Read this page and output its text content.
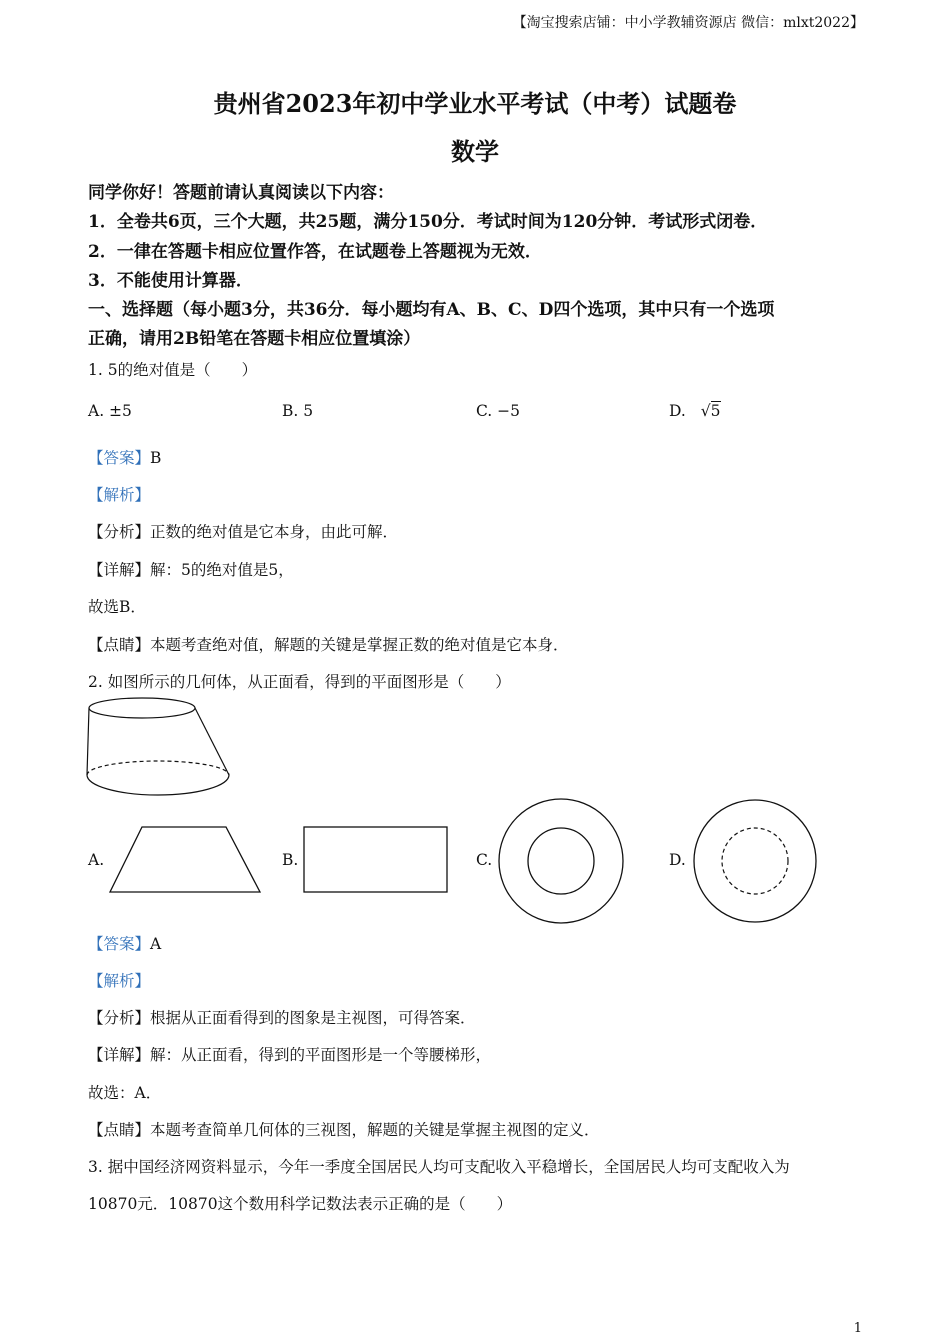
【淘宝搜索店铺：中小学教辅资源店 微信：mlxt2022】
贵州省2023年初中学业水平考试（中考）试题卷
数学
同学你好！答题前请认真阅读以下内容：
1．全卷共6页，三个大题，共25题，满分150分．考试时间为120分钟．考试形式闭卷．
2．一律在答题卡相应位置作答，在试题卷上答题视为无效．
3．不能使用计算器．
一、选择题（每小题3分，共36分．每小题均有A、B、C、D四个选项，其中只有一个选项
正确，请用2B铅笔在答题卡相应位置填涂）
1. 5的绝对值是（　　）
A. ±5	B. 5	C. −5	D. √5
【答案】B
【解析】
【分析】正数的绝对值是它本身，由此可解．
【详解】解：5的绝对值是5，
故选B．
【点睛】本题考查绝对值，解题的关键是掌握正数的绝对值是它本身．
2. 如图所示的几何体，从正面看，得到的平面图形是（　　）
A.	B.	C.	D.
【答案】A
【解析】
【分析】根据从正面看得到的图象是主视图，可得答案．
【详解】解：从正面看，得到的平面图形是一个等腰梯形，
故选：A．
【点睛】本题考查简单几何体的三视图，解题的关键是掌握主视图的定义．
3. 据中国经济网资料显示，今年一季度全国居民人均可支配收入平稳增长，全国居民人均可支配收入为
10870元．10870这个数用科学记数法表示正确的是（　　）
1
